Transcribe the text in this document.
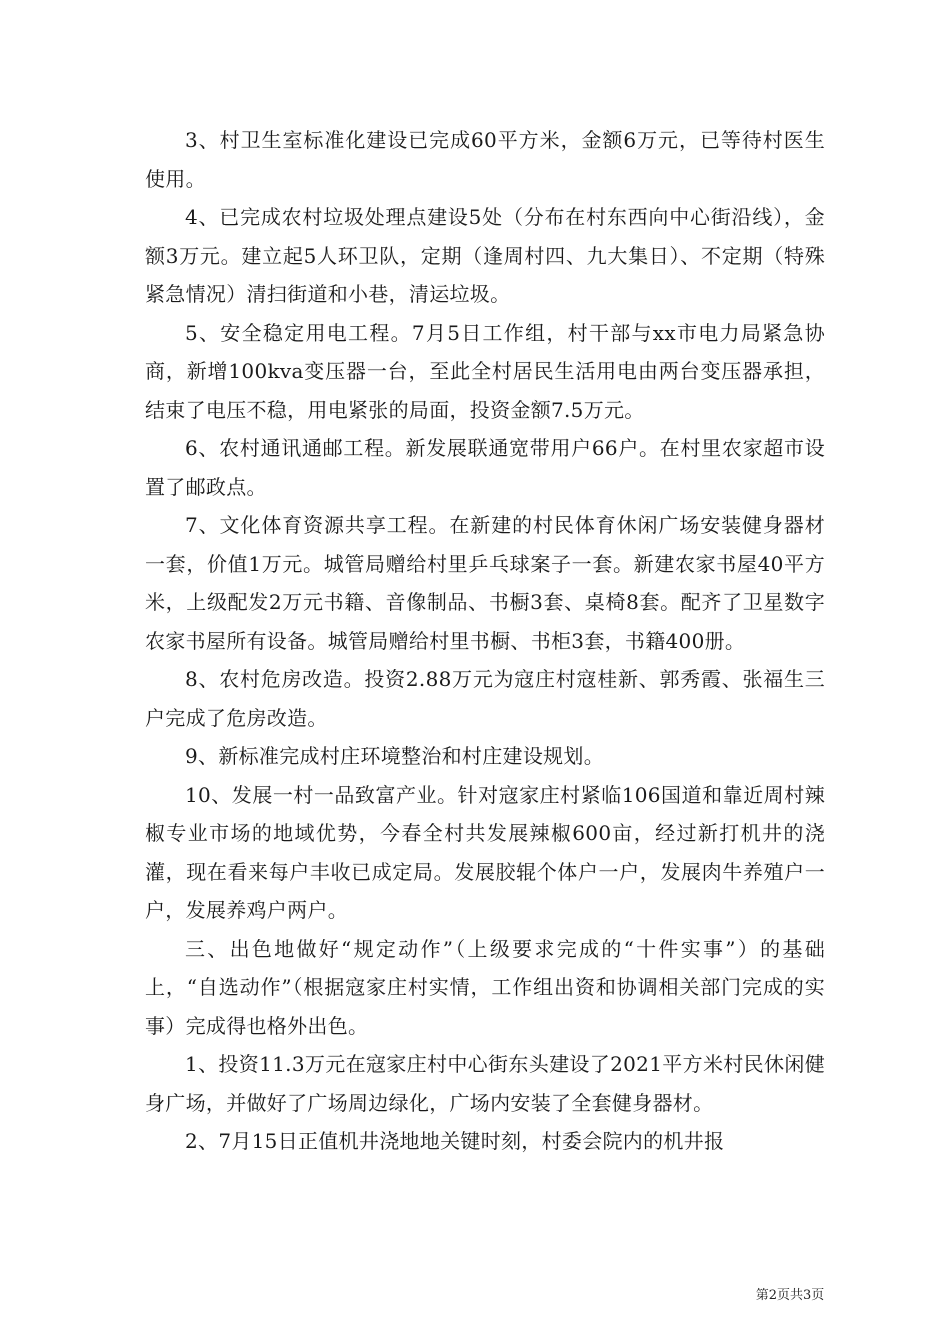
3、村卫生室标准化建设已完成60平方米，金额6万元，已等待村医生使用。

4、已完成农村垃圾处理点建设5处（分布在村东西向中心街沿线），金额3万元。建立起5人环卫队，定期（逢周村四、九大集日）、不定期（特殊紧急情况）清扫街道和小巷，清运垃圾。

5、安全稳定用电工程。7月5日工作组，村干部与xx市电力局紧急协商，新增100kva变压器一台，至此全村居民生活用电由两台变压器承担，结束了电压不稳，用电紧张的局面，投资金额7.5万元。

6、农村通讯通邮工程。新发展联通宽带用户66户。在村里农家超市设置了邮政点。

7、文化体育资源共享工程。在新建的村民体育休闲广场安装健身器材一套，价值1万元。城管局赠给村里乒乓球案子一套。新建农家书屋40平方米，上级配发2万元书籍、音像制品、书橱3套、桌椅8套。配齐了卫星数字农家书屋所有设备。城管局赠给村里书橱、书柜3套，书籍400册。

8、农村危房改造。投资2.88万元为寇庄村寇桂新、郭秀霞、张福生三户完成了危房改造。

9、新标准完成村庄环境整治和村庄建设规划。

10、发展一村一品致富产业。针对寇家庄村紧临106国道和靠近周村辣椒专业市场的地域优势，今春全村共发展辣椒600亩，经过新打机井的浇灌，现在看来每户丰收已成定局。发展胶辊个体户一户，发展肉牛养殖户一户，发展养鸡户两户。

三、出色地做好“规定动作”（上级要求完成的“十件实事”）的基础上，“自选动作”（根据寇家庄村实情，工作组出资和协调相关部门完成的实事）完成得也格外出色。

1、投资11.3万元在寇家庄村中心街东头建设了2021平方米村民休闲健身广场，并做好了广场周边绿化，广场内安装了全套健身器材。

2、7月15日正值机井浇地地关键时刻，村委会院内的机井报

第2页共3页
